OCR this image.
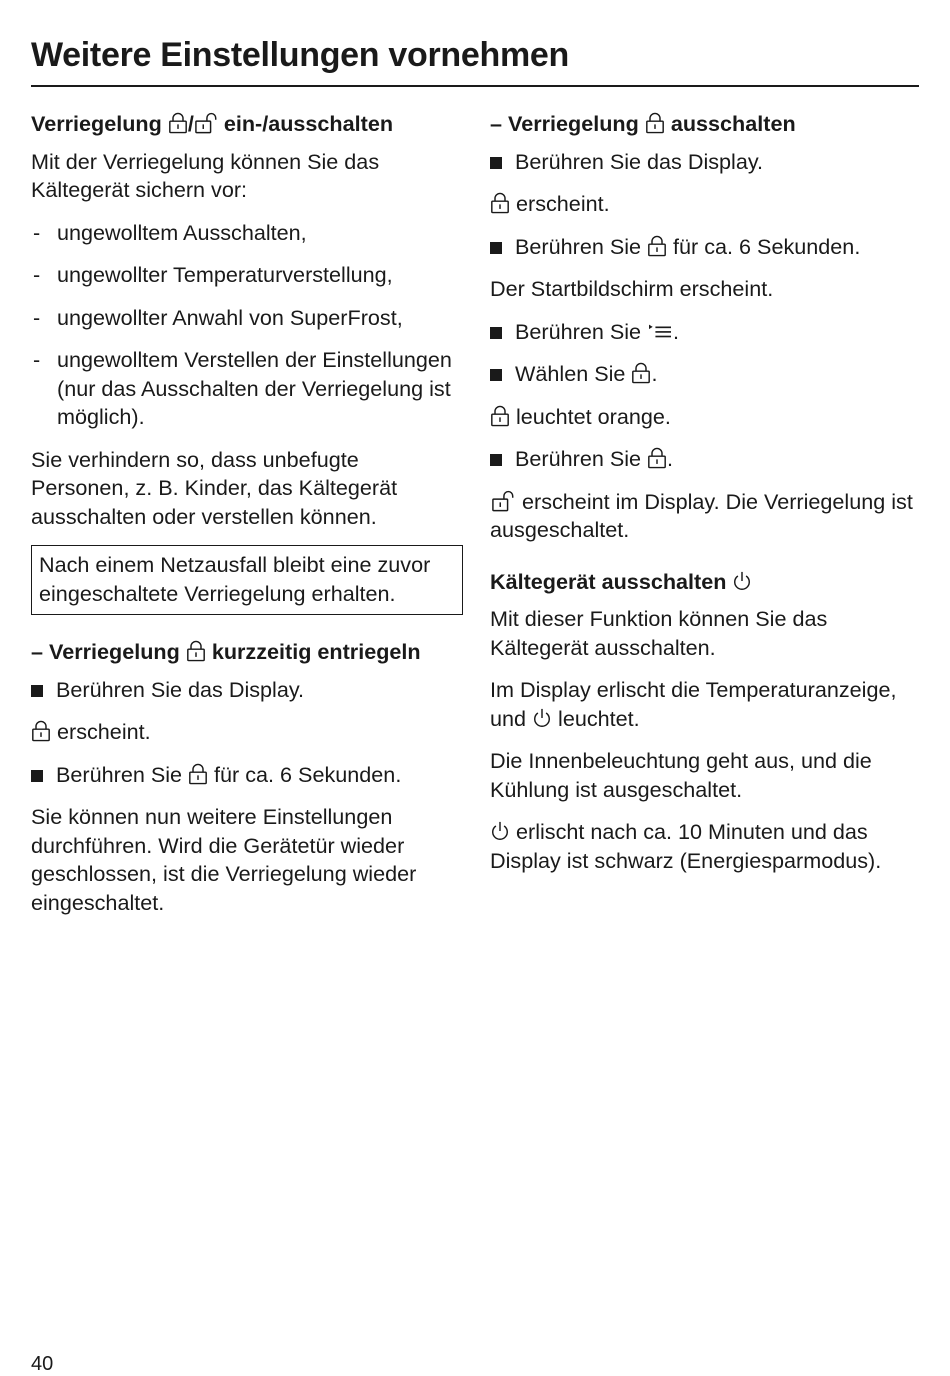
Weitere Einstellungen vornehmen

Verriegelung / ein-/ausschalten

Mit der Verriegelung können Sie das Kältegerät sichern vor:

- ungewolltem Ausschalten,
- ungewollter Temperaturverstellung,
- ungewollter Anwahl von SuperFrost,
- ungewolltem Verstellen der Einstellungen (nur das Ausschalten der Verriegelung ist möglich).

Sie verhindern so, dass unbefugte Personen, z. B. Kinder, das Kältegerät ausschalten oder verstellen können.

Nach einem Netzausfall bleibt eine zuvor eingeschaltete Verriegelung erhalten.

– Verriegelung kurzzeitig entriegeln

Berühren Sie das Display.

erscheint.

Berühren Sie für ca. 6 Sekunden.

Sie können nun weitere Einstellungen durchführen. Wird die Gerätetür wieder geschlossen, ist die Verriegelung wieder eingeschaltet.

– Verriegelung ausschalten

Berühren Sie das Display.

erscheint.

Berühren Sie für ca. 6 Sekunden.

Der Startbildschirm erscheint.

Berühren Sie .
Wählen Sie .

leuchtet orange.

Berühren Sie .

erscheint im Display. Die Verriegelung ist ausgeschaltet.

Kältegerät ausschalten

Mit dieser Funktion können Sie das Kältegerät ausschalten.

Im Display erlischt die Temperaturanzeige, und leuchtet.

Die Innenbeleuchtung geht aus, und die Kühlung ist ausgeschaltet.

erlischt nach ca. 10 Minuten und das Display ist schwarz (Energiesparmodus).

40
